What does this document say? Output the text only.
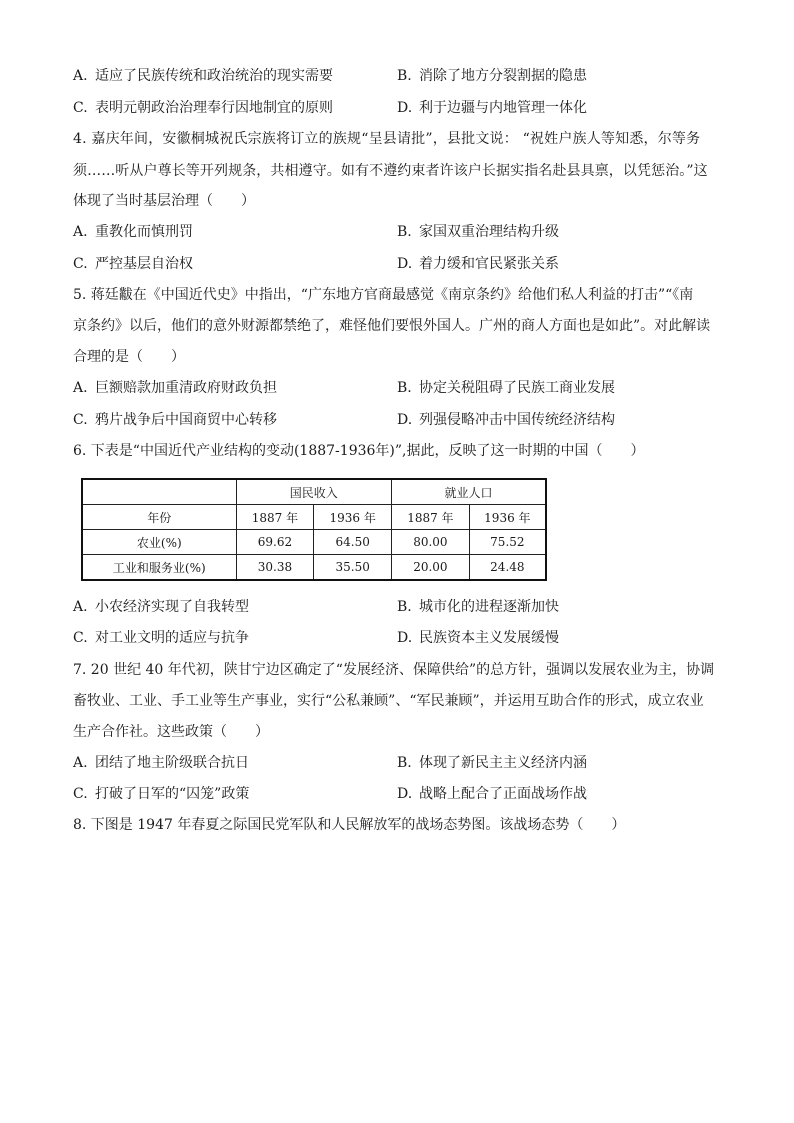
A. 适应了民族传统和政治统治的现实需要	B. 消除了地方分裂割据的隐患
C. 表明元朝政治治理奉行因地制宜的原则	D. 利于边疆与内地管理一体化
4. 嘉庆年间，安徽桐城祝氏宗族将订立的族规“呈县请批”，县批文说： “祝姓户族人等知悉，尔等务
须……听从户尊长等开列规条，共相遵守。如有不遵约束者许该户长据实指名赴县具禀，以凭惩治。”这
体现了当时基层治理（　　）
A. 重教化而慎刑罚	B. 家国双重治理结构升级
C. 严控基层自治权	D. 着力缓和官民紧张关系
5. 蒋廷黻在《中国近代史》中指出，“广东地方官商最感觉《南京条约》给他们私人利益的打击”“《南
京条约》以后，他们的意外财源都禁绝了，难怪他们要恨外国人。广州的商人方面也是如此”。对此解读
合理的是（　　）
A. 巨额赔款加重清政府财政负担	B. 协定关税阻碍了民族工商业发展
C. 鸦片战争后中国商贸中心转移	D. 列强侵略冲击中国传统经济结构
6. 下表是“中国近代产业结构的变动(1887-1936年)”,据此，反映了这一时期的中国（　　）
	国民收入		就业人口	
年份	1887 年	1936 年	1887 年	1936 年
农业(%)	69.62	64.50	80.00	75.52
工业和服务业(%)	30.38	35.50	20.00	24.48
A. 小农经济实现了自我转型	B. 城市化的进程逐渐加快
C. 对工业文明的适应与抗争	D. 民族资本主义发展缓慢
7. 20 世纪 40 年代初，陕甘宁边区确定了“发展经济、保障供给”的总方针，强调以发展农业为主，协调
畜牧业、工业、手工业等生产事业，实行“公私兼顾”、“军民兼顾”，并运用互助合作的形式，成立农业
生产合作社。这些政策（　　）
A. 团结了地主阶级联合抗日	B. 体现了新民主主义经济内涵
C. 打破了日军的“囚笼”政策	D. 战略上配合了正面战场作战
8. 下图是 1947 年春夏之际国民党军队和人民解放军的战场态势图。该战场态势（　　）
